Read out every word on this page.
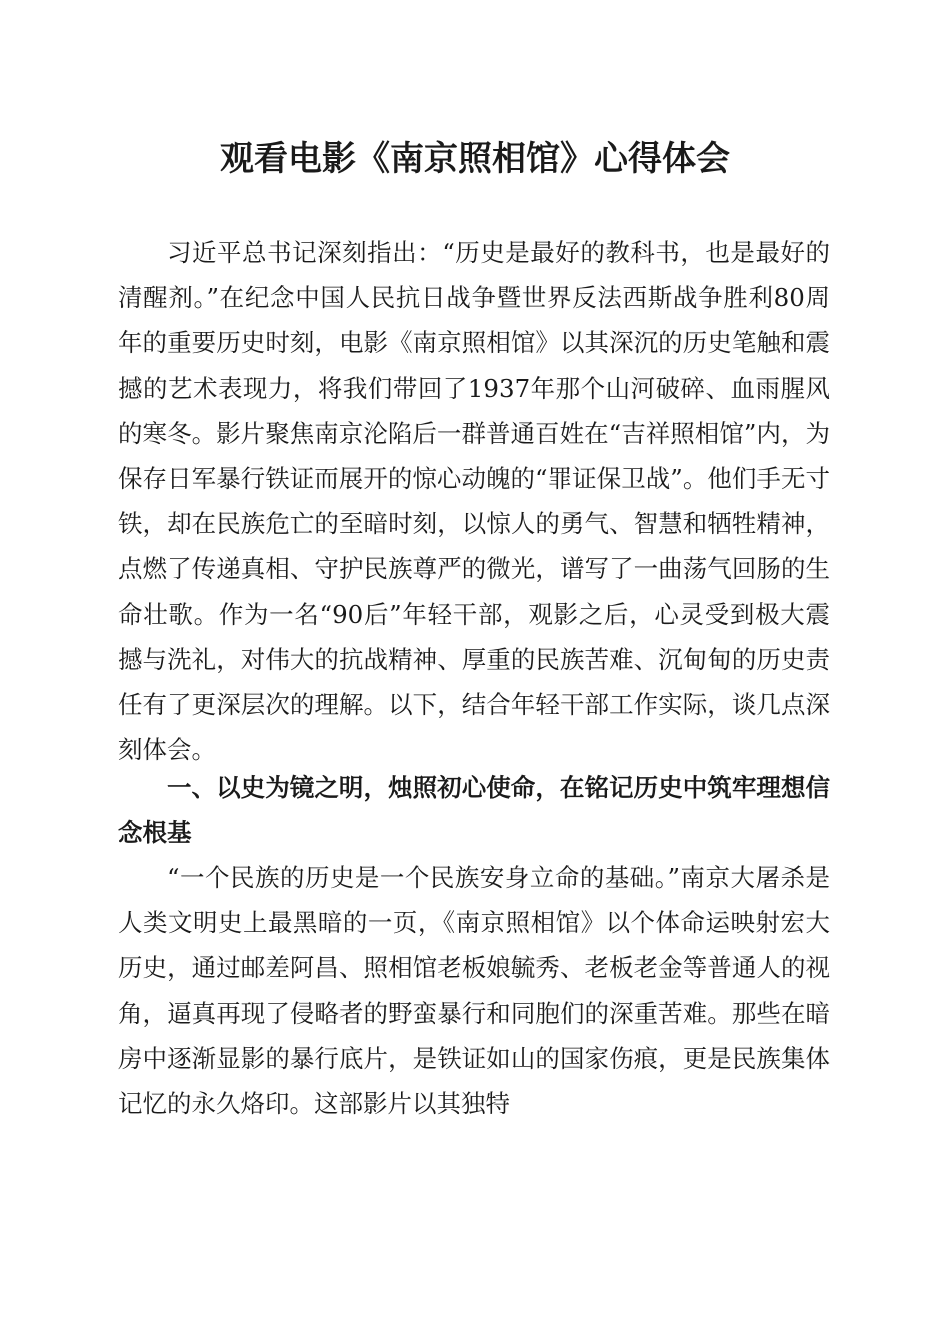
观看电影《南京照相馆》心得体会

习近平总书记深刻指出：“历史是最好的教科书，也是最好的清醒剂。”在纪念中国人民抗日战争暨世界反法西斯战争胜利80周年的重要历史时刻，电影《南京照相馆》以其深沉的历史笔触和震撼的艺术表现力，将我们带回了1937年那个山河破碎、血雨腥风的寒冬。影片聚焦南京沦陷后一群普通百姓在“吉祥照相馆”内，为保存日军暴行铁证而展开的惊心动魄的“罪证保卫战”。他们手无寸铁，却在民族危亡的至暗时刻，以惊人的勇气、智慧和牺牲精神，点燃了传递真相、守护民族尊严的微光，谱写了一曲荡气回肠的生命壮歌。作为一名“90后”年轻干部，观影之后，心灵受到极大震撼与洗礼，对伟大的抗战精神、厚重的民族苦难、沉甸甸的历史责任有了更深层次的理解。以下，结合年轻干部工作实际，谈几点深刻体会。

一、以史为镜之明，烛照初心使命，在铭记历史中筑牢理想信念根基

“一个民族的历史是一个民族安身立命的基础。”南京大屠杀是人类文明史上最黑暗的一页，《南京照相馆》以个体命运映射宏大历史，通过邮差阿昌、照相馆老板娘毓秀、老板老金等普通人的视角，逼真再现了侵略者的野蛮暴行和同胞们的深重苦难。那些在暗房中逐渐显影的暴行底片，是铁证如山的国家伤痕，更是民族集体记忆的永久烙印。这部影片以其独特
